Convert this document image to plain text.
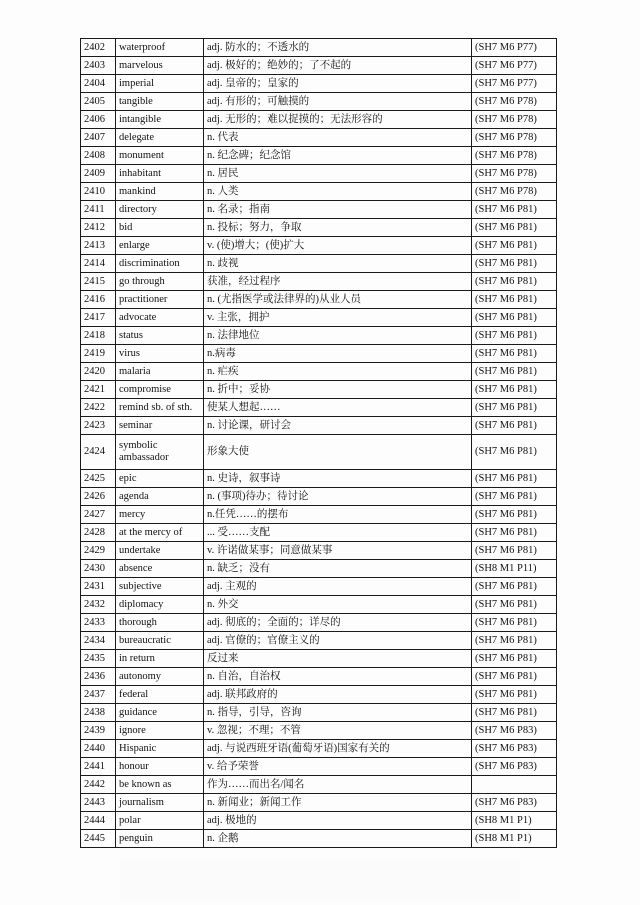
2402	waterproof	adj. 防水的；不透水的	(SH7 M6 P77)
2403	marvelous	adj. 极好的；绝妙的；了不起的	(SH7 M6 P77)
2404	imperial	adj. 皇帝的；皇家的	(SH7 M6 P77)
2405	tangible	adj. 有形的；可触摸的	(SH7 M6 P78)
2406	intangible	adj. 无形的；难以捉摸的；无法形容的	(SH7 M6 P78)
2407	delegate	n. 代表	(SH7 M6 P78)
2408	monument	n. 纪念碑；纪念馆	(SH7 M6 P78)
2409	inhabitant	n. 居民	(SH7 M6 P78)
2410	mankind	n. 人类	(SH7 M6 P78)
2411	directory	n. 名录；指南	(SH7 M6 P81)
2412	bid	n. 投标；努力，争取	(SH7 M6 P81)
2413	enlarge	v. (使)增大；(使)扩大	(SH7 M6 P81)
2414	discrimination	n. 歧视	(SH7 M6 P81)
2415	go through	获准，经过程序	(SH7 M6 P81)
2416	practitioner	n. (尤指医学或法律界的)从业人员	(SH7 M6 P81)
2417	advocate	v. 主张，拥护	(SH7 M6 P81)
2418	status	n. 法律地位	(SH7 M6 P81)
2419	virus	n.病毒	(SH7 M6 P81)
2420	malaria	n. 疟疾	(SH7 M6 P81)
2421	compromise	n. 折中；妥协	(SH7 M6 P81)
2422	remind sb. of sth.	使某人想起……	(SH7 M6 P81)
2423	seminar	n. 讨论课，研讨会	(SH7 M6 P81)
2424	symbolic ambassador	形象大使	(SH7 M6 P81)
2425	epic	n. 史诗，叙事诗	(SH7 M6 P81)
2426	agenda	n. (事项)待办；待讨论	(SH7 M6 P81)
2427	mercy	n.任凭……的摆布	(SH7 M6 P81)
2428	at the mercy of	... 受……支配	(SH7 M6 P81)
2429	undertake	v. 许诺做某事；同意做某事	(SH7 M6 P81)
2430	absence	n. 缺乏；没有	(SH8 M1 P11)
2431	subjective	adj. 主观的	(SH7 M6 P81)
2432	diplomacy	n. 外交	(SH7 M6 P81)
2433	thorough	adj. 彻底的；全面的；详尽的	(SH7 M6 P81)
2434	bureaucratic	adj. 官僚的；官僚主义的	(SH7 M6 P81)
2435	in return	反过来	(SH7 M6 P81)
2436	autonomy	n. 自治，自治权	(SH7 M6 P81)
2437	federal	adj. 联邦政府的	(SH7 M6 P81)
2438	guidance	n. 指导，引导，咨询	(SH7 M6 P81)
2439	ignore	v. 忽视；不理；不管	(SH7 M6 P83)
2440	Hispanic	adj. 与说西班牙语(葡萄牙语)国家有关的	(SH7 M6 P83)
2441	honour	v. 给予荣誉	(SH7 M6 P83)
2442	be known as	作为……而出名/闻名	
2443	journalism	n. 新闻业；新闻工作	(SH7 M6 P83)
2444	polar	adj. 极地的	(SH8 M1 P1)
2445	penguin	n. 企鹅	(SH8 M1 P1)
